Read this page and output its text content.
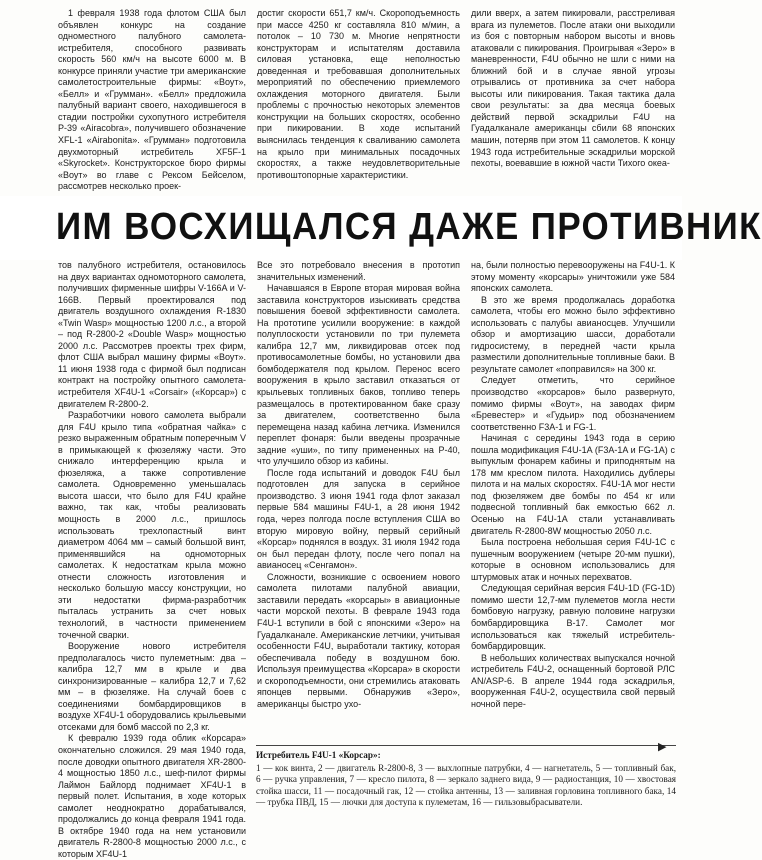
1 февраля 1938 года флотом США был объявлен конкурс на создание одноместного палубного самолета-истребителя, способного развивать скорость 560 км/ч на высоте 6000 м. В конкурсе приняли участие три американские самолетостроительные фирмы: «Воут», «Белл» и «Грумман». «Белл» предложила палубный вариант своего, находившегося в стадии постройки сухопутного истребителя P-39 «Airacobra», получившего обозначение XFL-1 «Airabonita». «Грумман» подготовила двухмоторный истребитель XF5F-1 «Skyrocket». Конструкторское бюро фирмы «Воут» во главе с Рексом Бейселом, рассмотрев несколько проек-

достиг скорости 651,7 км/ч. Скороподъемность при массе 4250 кг составляла 810 м/мин, а потолок – 10 730 м. Многие непрятности конструкторам и испытателям доставила силовая установка, еще неполностью доведенная и требовавшая дополнительных мероприятий по обеспечению приемлемого охлаждения моторного двигателя. Были проблемы с прочностью некоторых элементов конструкции на больших скоростях, особенно при пикировании. В ходе испытаний выяснилась тенденция к сваливанию самолета на крыло при минимальных посадочных скоростях, а также неудовлетворительные противоштопорные характеристики.

дили вверх, а затем пикировали, расстреливая врага из пулеметов. После атаки они выходили из боя с повторным набором высоты и вновь атаковали с пикирования. Проигрывая «Зеро» в маневренности, F4U обычно не шли с ними на ближний бой и в случае явной угрозы отрывались от противника за счет набора высоты или пикирования. Такая тактика дала свои результаты: за два месяца боевых действий первой эскадрильи F4U на Гуадалканале американцы сбили 68 японских машин, потеряв при этом 11 самолетов. К концу 1943 года истребительные эскадрильи морской пехоты, воевавшие в южной части Тихого океа-

ИМ ВОСХИЩАЛСЯ ДАЖЕ ПРОТИВНИК

тов палубного истребителя, остановилось на двух вариантах одномоторного самолета, получивших фирменные шифры V-166A и V-166B. Первый проектировался под двигатель воздушного охлаждения R-1830 «Twin Wasp» мощностью 1200 л.с., а второй – под R-2800-2 «Double Wasp» мощностью 2000 л.с. Рассмотрев проекты трех фирм, флот США выбрал машину фирмы «Воут». 11 июня 1938 года с фирмой был подписан контракт на постройку опытного самолета-истребителя XF4U-1 «Corsair» («Корсар») с двигателем R-2800-2.

Разработчики нового самолета выбрали для F4U крыло типа «обратная чайка» с резко выраженным обратным поперечным V в примыкающей к фюзеляжу части. Это снижало интерференцию крыла и фюзеляжа, а также сопротивление самолета. Одновременно уменьшалась высота шасси, что было для F4U крайне важно, так как, чтобы реализовать мощность в 2000 л.с., пришлось использовать трехлопастный винт диаметром 4064 мм – самый большой винт, применявшийся на одномоторных самолетах. К недостаткам крыла можно отнести сложность изготовления и несколько большую массу конструкции, но эти недостатки фирма-разработчик пыталась устранить за счет новых технологий, в частности применением точечной сварки.

Вооружение нового истребителя предполагалось чисто пулеметным: два – калибра 12,7 мм в крыле и два синхронизированные – калибра 12,7 и 7,62 мм – в фюзеляже. На случай боев с соединениями бомбардировщиков в воздухе XF4U-1 оборудовались крыльевыми отсеками для бомб массой по 2,3 кг.

К февралю 1939 года облик «Корсара» окончательно сложился. 29 мая 1940 года, после доводки опытного двигателя XR-2800-4 мощностью 1850 л.с., шеф-пилот фирмы Лаймон Байлорд поднимает XF4U-1 в первый полет. Испытания, в ходе которых самолет неоднократно дорабатывался, продолжались до конца февраля 1941 года. В октябре 1940 года на нем установили двигатель R-2800-8 мощностью 2000 л.с., с которым XF4U-1

Все это потребовало внесения в прототип значительных изменений.

Начавшаяся в Европе вторая мировая война заставила конструкторов изыскивать средства повышения боевой эффективности самолета. На прототипе усилили вооружение: в каждой полуплоскости установили по три пулемета калибра 12,7 мм, ликвидировав отсек под противосамолетные бомбы, но установили два бомбодержателя под крылом. Перенос всего вооружения в крыло заставил отказаться от крыльевых топливных баков, топливо теперь размещалось в протектированном баке сразу за двигателем, соответственно была перемещена назад кабина летчика. Изменился переплет фонаря: были введены прозрачные задние «уши», по типу примененных на P-40, что улучшило обзор из кабины.

После года испытаний и доводок F4U был подготовлен для запуска в серийное производство. 3 июня 1941 года флот заказал первые 584 машины F4U-1, а 28 июня 1942 года, через полгода после вступления США во вторую мировую войну, первый серийный «Корсар» поднялся в воздух. 31 июля 1942 года он был передан флоту, после чего попал на авианосец «Сенгамон».

Сложности, возникшие с освоением нового самолета пилотами палубной авиации, заставили передать «корсары» в авиационные части морской пехоты. В феврале 1943 года F4U-1 вступили в бой с японскими «Зеро» на Гуадалканале. Американские летчики, учитывая особенности F4U, выработали тактику, которая обеспечивала победу в воздушном бою. Используя преимущества «Корсара» в скорости и скороподъемности, они стремились атаковать японцев первыми. Обнаружив «Зеро», американцы быстро ухо-

на, были полностью перевооружены на F4U-1. К этому моменту «корсары» уничтожили уже 584 японских самолета.

В это же время продолжалась доработка самолета, чтобы его можно было эффективно использовать с палубы авианосцев. Улучшили обзор и амортизацию шасси, доработали гидросистему, в передней части крыла разместили дополнительные топливные баки. В результате самолет «поправился» на 300 кг.

Следует отметить, что серийное производство «корсаров» было развернуто, помимо фирмы «Воут», на заводах фирм «Бревестер» и «Гудьир» под обозначением соответственно F3A-1 и FG-1.

Начиная с середины 1943 года в серию пошла модификация F4U-1A (F3A-1A и FG-1A) с выпуклым фонарем кабины и приподнятым на 178 мм креслом пилота. Находились дублеры пилота и на малых скоростях. F4U-1A мог нести под фюзеляжем две бомбы по 454 кг или подвесной топливный бак емкостью 662 л. Осенью на F4U-1A стали устанавливать двигатель R-2800-8W мощностью 2050 л.с.

Была построена небольшая серия F4U-1C с пушечным вооружением (четыре 20-мм пушки), которые в основном использовались для штурмовых атак и ночных перехватов.

Следующая серийная версия F4U-1D (FG-1D) помимо шести 12,7-мм пулеметов могла нести бомбовую нагрузку, равную половине нагрузки бомбардировщика B-17. Самолет мог использоваться как тяжелый истребитель-бомбардировщик.

В небольших количествах выпускался ночной истребитель F4U-2, оснащенный бортовой РЛС AN/ASP-6. В апреле 1944 года эскадрилья, вооруженная F4U-2, осуществила свой первый ночной пере-

Истребитель F4U-1 «Корсар»:
1 — кок винта, 2 — двигатель R-2800-8, 3 — выхлопные патрубки, 4 — нагнетатель, 5 — топливный бак, 6 — ручка управления, 7 — кресло пилота, 8 — зеркало заднего вида, 9 — радиостанция, 10 — хвостовая стойка шасси, 11 — посадочный гак, 12 — стойка антенны, 13 — заливная горловина топливного бака, 14 — трубка ПВД, 15 — лючки для доступа к пулеметам, 16 — гильзовыбрасыватели.
▶
